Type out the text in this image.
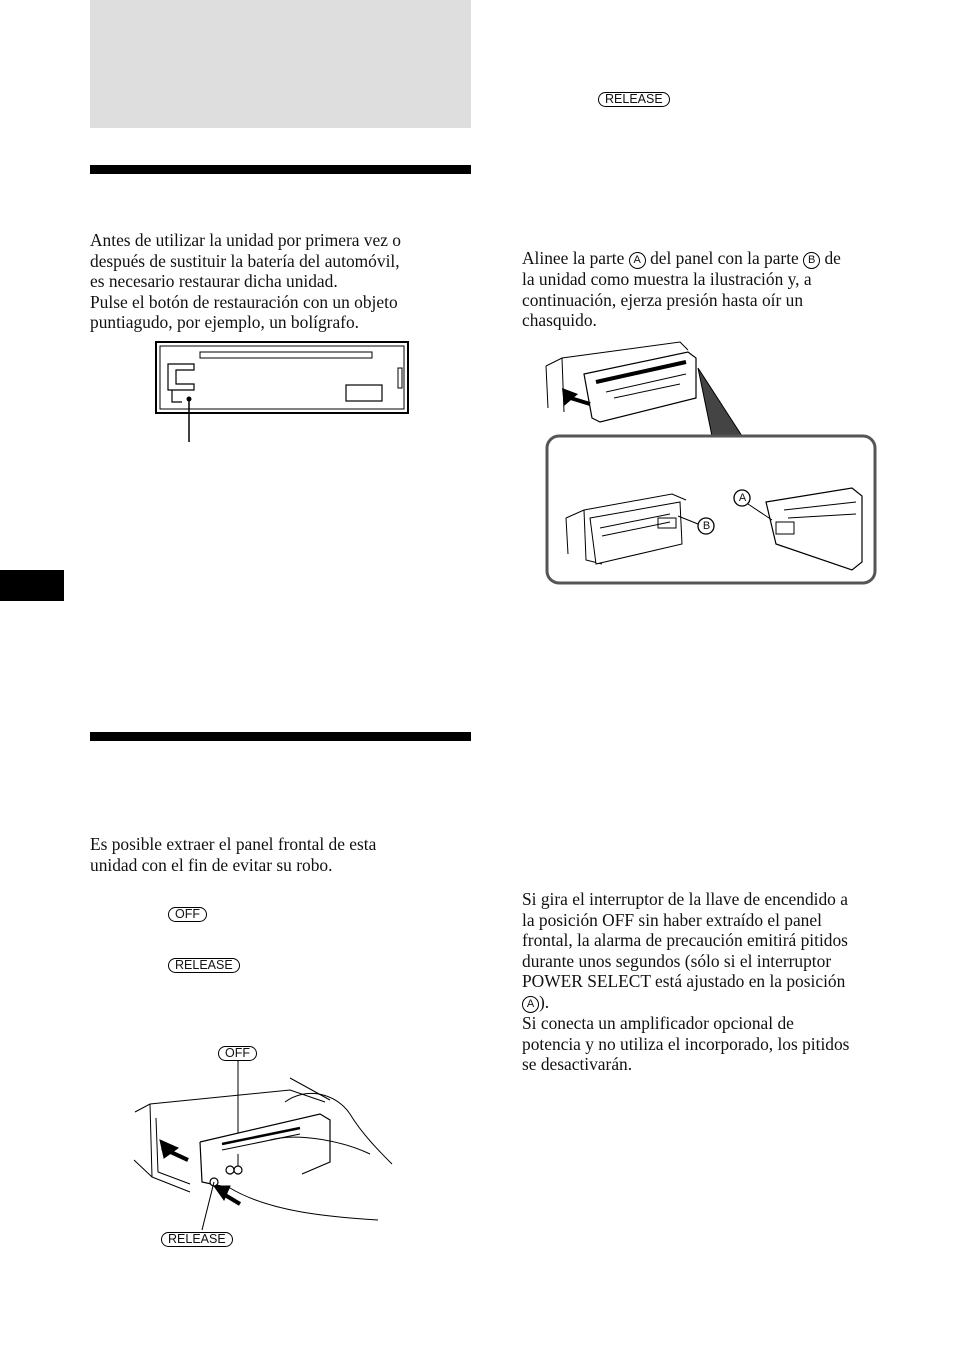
Antes de utilizar la unidad por primera vez o

después de sustituir la batería del automóvil,

es necesario restaurar dicha unidad.

Pulse el botón de restauración con un objeto

puntiagudo, por ejemplo, un bolígrafo.

Es posible extraer el panel frontal de esta

unidad con el fin de evitar su robo.

OFF
RELEASE
OFF
RELEASE
RELEASE

Alinee la parte A del panel con la parte B de

la unidad como muestra la ilustración y, a

continuación, ejerza presión hasta oír un

chasquido.

A
B

Si gira el interruptor de la llave de encendido a

la posición OFF sin haber extraído el panel

frontal, la alarma de precaución emitirá pitidos

durante unos segundos (sólo si el interruptor

POWER SELECT está ajustado en la posición

A ).

Si conecta un amplificador opcional de

potencia y no utiliza el incorporado, los pitidos

se desactivarán.
